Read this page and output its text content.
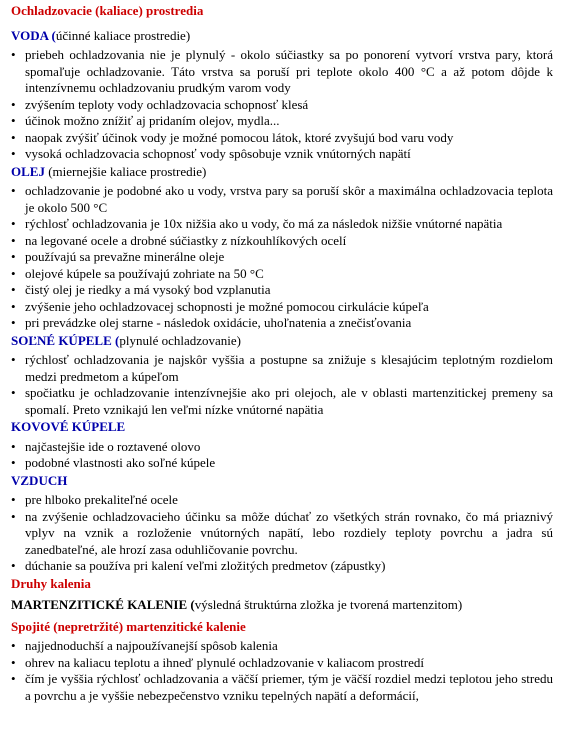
Ochladzovacie (kaliace) prostredia

VODA (účinné kaliace prostredie)

• priebeh ochladzovania nie je plynulý - okolo súčiastky sa po ponorení vytvorí vrstva pary, ktorá spomaľuje ochladzovanie. Táto vrstva sa poruší pri teplote okolo 400 °C a až potom dôjde k intenzívnemu ochladzovaniu prudkým varom vody
• zvýšením teploty vody ochladzovacia schopnosť klesá
• účinok možno znížiť aj pridaním olejov, mydla...
• naopak zvýšiť účinok vody je možné pomocou látok, ktoré zvyšujú bod varu vody
• vysoká ochladzovacia schopnosť vody spôsobuje vznik vnútorných napätí

OLEJ (miernejšie kaliace prostredie)

• ochladzovanie je podobné ako u vody, vrstva pary sa poruší skôr a maximálna ochladzovacia teplota je okolo 500 °C
• rýchlosť ochladzovania je 10x nižšia ako u vody, čo má za následok nižšie vnútorné napätia
• na legované ocele a drobné súčiastky z nízkouhlíkových ocelí
• používajú sa prevažne minerálne oleje
• olejové kúpele sa používajú zohriate na 50 °C
• čistý olej je riedky a má vysoký bod vzplanutia
• zvýšenie jeho ochladzovacej schopnosti je možné pomocou cirkulácie kúpeľa
• pri prevádzke olej starne - následok oxidácie, uhoľnatenia a znečisťovania

SOĽNÉ KÚPELE (plynulé ochladzovanie)

• rýchlosť ochladzovania je najskôr vyššia a postupne sa znižuje s klesajúcim teplotným rozdielom medzi predmetom a kúpeľom
• spočiatku je ochladzovanie intenzívnejšie ako pri olejoch, ale v oblasti martenzitickej premeny sa spomalí. Preto vznikajú len veľmi nízke vnútorné napätia

KOVOVÉ KÚPELE

• najčastejšie ide o roztavené olovo
• podobné vlastnosti ako soľné kúpele

VZDUCH

• pre hlboko prekaliteľné ocele
• na zvýšenie ochladzovacieho účinku sa môže dúchať zo všetkých strán rovnako, čo má priaznivý vplyv na vznik a rozloženie vnútorných napätí, lebo rozdiely teploty povrchu a jadra sú zanedbateľné, ale hrozí zasa oduhličovanie povrchu.
• dúchanie sa používa pri kalení veľmi zložitých predmetov (zápustky)

Druhy kalenia

MARTENZITICKÉ KALENIE (výsledná štruktúrna zložka je tvorená martenzitom)

Spojité (nepretržité) martenzitické kalenie

• najjednoduchší a najpoužívanejší spôsob kalenia
• ohrev na kaliacu teplotu a ihneď plynulé ochladzovanie v kaliacom prostredí
• čím je vyššia rýchlosť ochladzovania a väčší priemer, tým je väčší rozdiel medzi teplotou jeho stredu a povrchu a je vyššie nebezpečenstvo vzniku tepelných napätí a deformácií,
